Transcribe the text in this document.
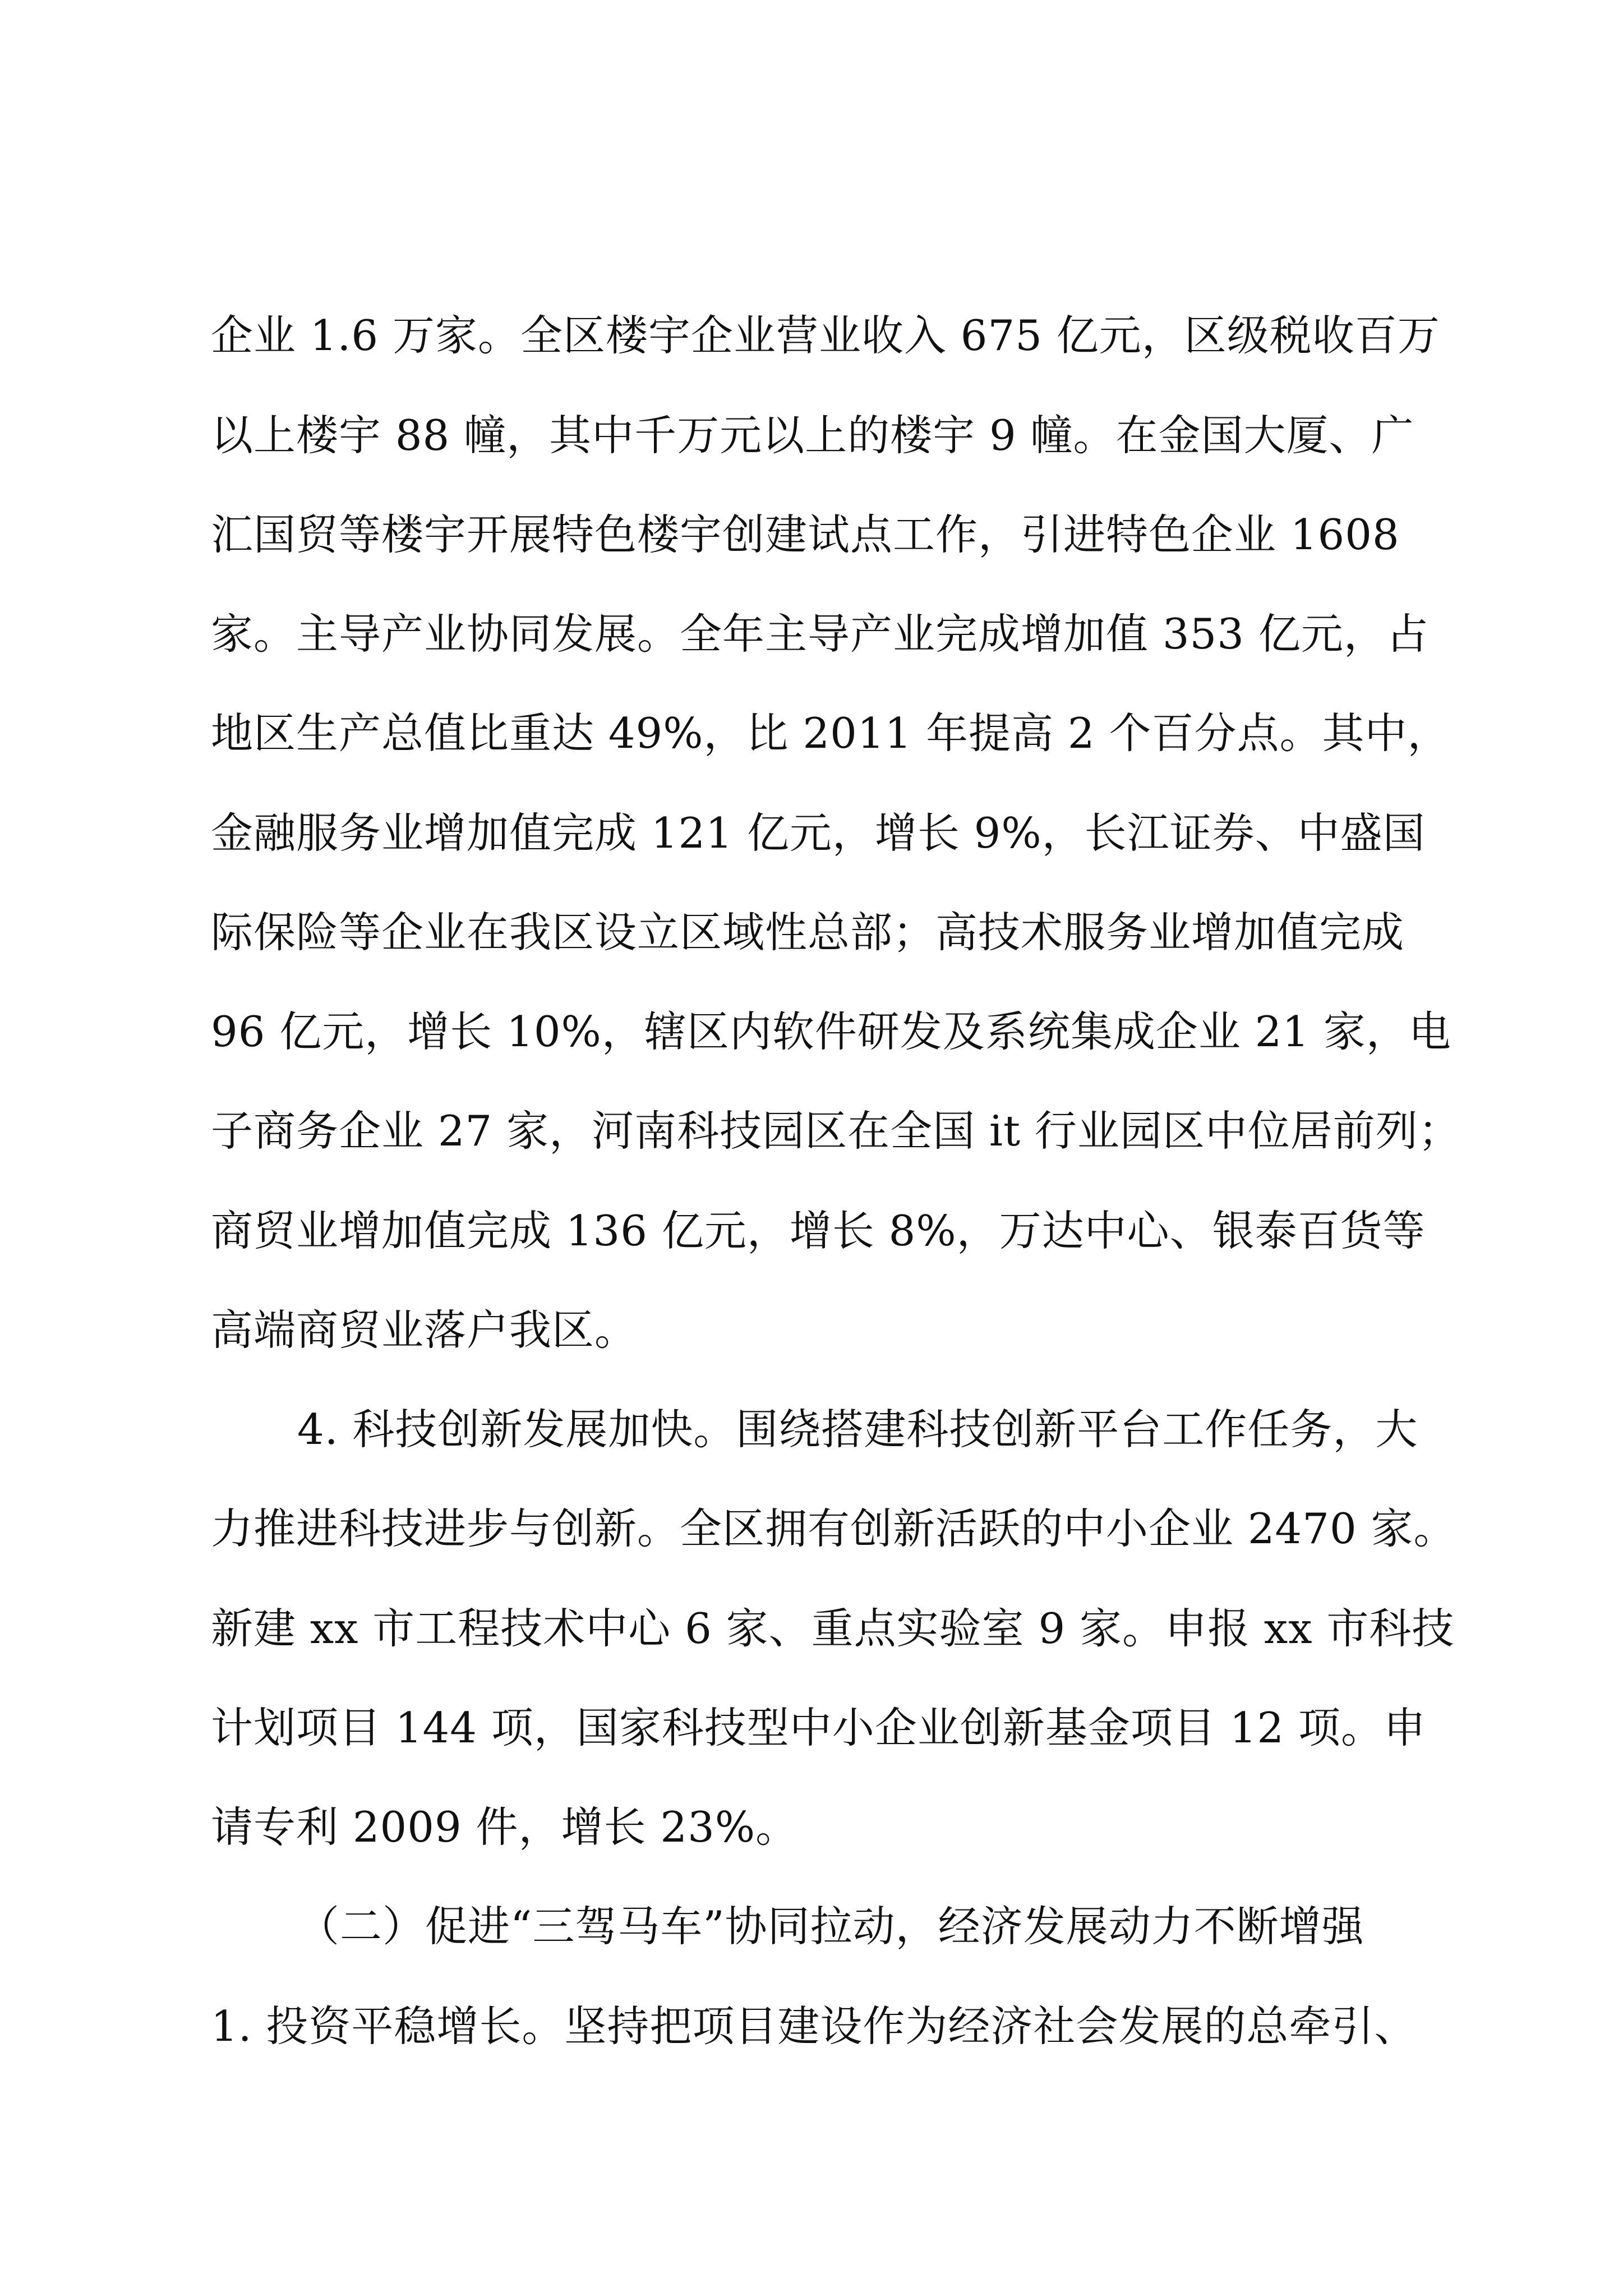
企业 1.6 万家。全区楼宇企业营业收入 675 亿元，区级税收百万
以上楼宇 88 幢，其中千万元以上的楼宇 9 幢。在金国大厦、广
汇国贸等楼宇开展特色楼宇创建试点工作，引进特色企业 1608
家。主导产业协同发展。全年主导产业完成增加值 353 亿元，占
地区生产总值比重达 49%，比 2011 年提高 2 个百分点。其中，
金融服务业增加值完成 121 亿元，增长 9%，长江证券、中盛国
际保险等企业在我区设立区域性总部；高技术服务业增加值完成
96 亿元，增长 10%，辖区内软件研发及系统集成企业 21 家，电
子商务企业 27 家，河南科技园区在全国 it 行业园区中位居前列；
商贸业增加值完成 136 亿元，增长 8%，万达中心、银泰百货等
高端商贸业落户我区。
4. 科技创新发展加快。围绕搭建科技创新平台工作任务，大
力推进科技进步与创新。全区拥有创新活跃的中小企业 2470 家。
新建 xx 市工程技术中心 6 家、重点实验室 9 家。申报 xx 市科技
计划项目 144 项，国家科技型中小企业创新基金项目 12 项。申
请专利 2009 件，增长 23%。
（二）促进“三驾马车”协同拉动，经济发展动力不断增强
1. 投资平稳增长。坚持把项目建设作为经济社会发展的总牵引、
